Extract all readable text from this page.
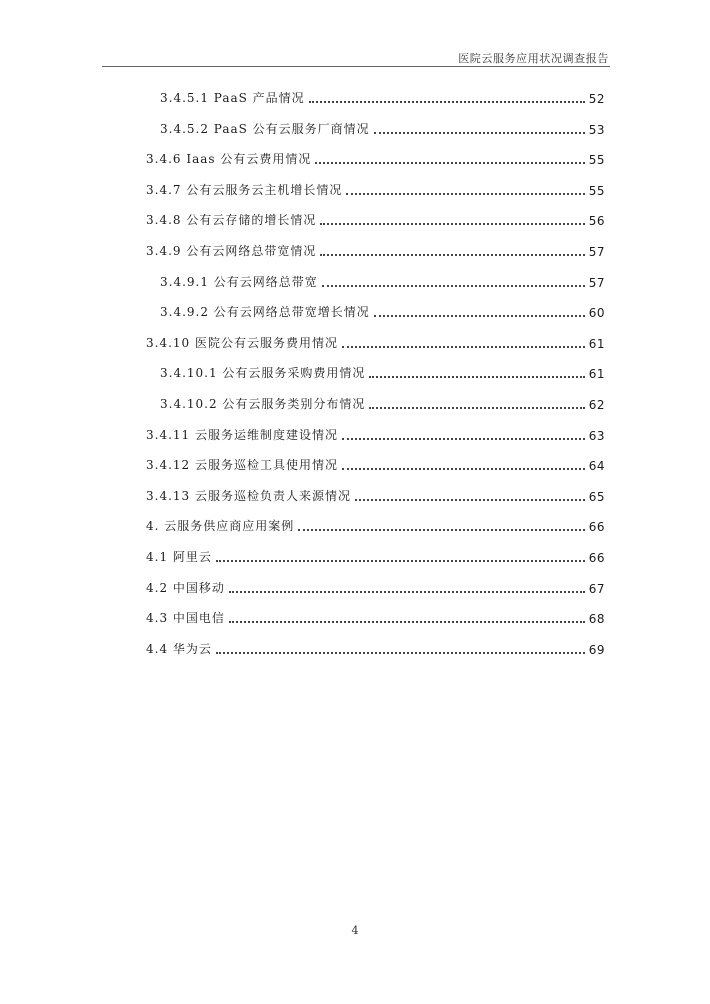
医院云服务应用状况调查报告
3.4.5.1 PaaS 产品情况	52
3.4.5.2 PaaS 公有云服务厂商情况	53
3.4.6 Iaas 公有云费用情况	55
3.4.7 公有云服务云主机增长情况	55
3.4.8 公有云存储的增长情况	56
3.4.9 公有云网络总带宽情况	57
3.4.9.1 公有云网络总带宽	57
3.4.9.2 公有云网络总带宽增长情况	60
3.4.10 医院公有云服务费用情况	61
3.4.10.1 公有云服务采购费用情况	61
3.4.10.2 公有云服务类别分布情况	62
3.4.11 云服务运维制度建设情况	63
3.4.12 云服务巡检工具使用情况	64
3.4.13 云服务巡检负责人来源情况	65
4. 云服务供应商应用案例	66
4.1 阿里云	66
4.2 中国移动	67
4.3 中国电信	68
4.4 华为云	69
4
